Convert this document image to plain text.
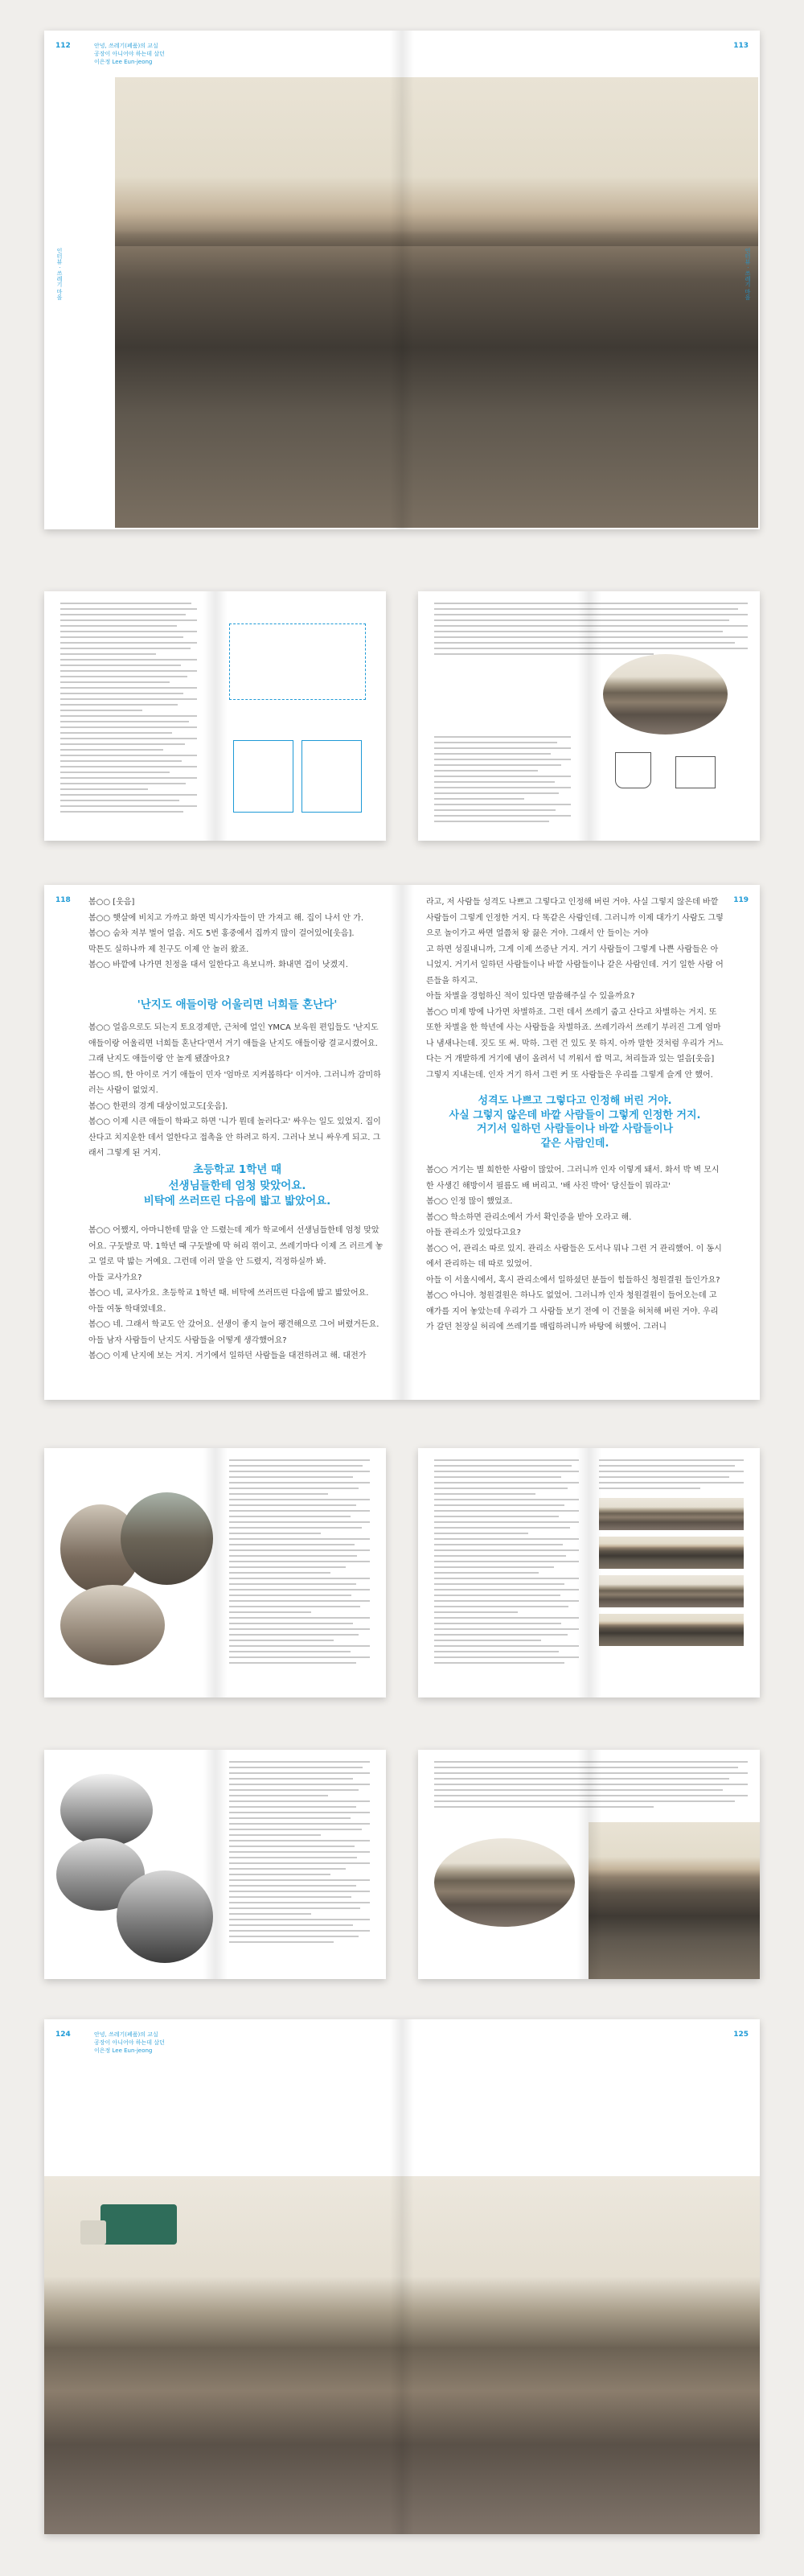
안녕, 쓰레기(폐품)의 교실
공장이 아니어야 하는데 살던
이은정 Lee Eun-jeong
112	113
인터뷰 · 쓰레기 마을	인터뷰 · 쓰레기 마을
118	119

봄○○ [웃음]

봄○○ 햇살에 비치고 가까고 화면 빅시가자들이 만 가져고 해. 집이 나서 안 가.

봄○○ 숨차 저부 벌어 얼음. 저도 5번 홍중에서 집까지 많이 걸어있어[웃음].

막튼도 실하나까 제 친구도 이제 안 놀러 왔죠.

봄○○ 바깥에 나가면 친정을 대서 일한다고 욕보니까. 화내면 겁이 낫겠지.

'난지도 애들이랑 어울리면 너희들 혼난다'

봄○○ 얼음으로도 되는지 토요경제만, 근처에 얼인 YMCA 보육원 편입들도 '난지도 애들이랑 어울리면 너희들 혼난다'면서 거기 애들을 난지도 애들이랑 결교시켰어요. 그래 난지도 애들이랑 안 놀게 됐잖아요?

봄○○ 띄, 한 아이로 거기 애들이 민자 '엄마로 지켜봅하다' 이거야. 그러니까 감미하러는 사람이 없었지.

봄○○ 한편의 경계 대상이었고도[웃음].

봄○○ 이제 시큰 애들이 학파고 하면 '니가 뭔데 놀러다고' 싸우는 일도 있었지. 집이 산다고 치지운한 데서 얼한다고 접촉을 안 하려고 하지. 그러나 보니 싸우게 되고. 그래서 그렇게 된 거지.

초등학교 1학년 때
선생님들한테 엄청 맞았어요.
비탁에 쓰러뜨린 다음에 밟고 밟았어요.

봄○○ 어쨌지, 아마니한테 말을 안 드렸는데 제가 학교에서 선생님들한테 엄청 맞았어요. 구둣발로 막. 1학년 때 구둣발에 막 허리 꺾이고. 쓰레기마다 이제 즈 러르게 놓고 얼로 막 밟는 거예요. 그런데 이러 말을 안 드렸지, 걱정하실까 봐.

아들 교사가요?

봄○○ 네, 교사가요. 초등학교 1학년 때. 비탁에 쓰러뜨린 다음에 밟고 밟았어요.

아들 여동 학대였네요.

봄○○ 네. 그래서 학교도 안 갔어요. 선생이 좋지 늘어 팽견해으로 그어 버렸거든요.

아들 남자 사람들이 난지도 사람들을 어떻게 생각했어요?

봄○○ 이제 난지에 보는 거지. 거기에서 일하던 사람들을 대전하려고 해. 대전가

라고, 저 사람들 성격도 나쁘고 그렇다고 인정해 버린 거야. 사실 그렇지 않은데 바깥 사람들이 그렇게 인정한 거지. 다 똑같은 사람인데. 그러니까 이제 대가기 사람도 그렇으로 놀이가고 싸면 얼쯤처 왕 끓은 거야. 그래서 안 들이는 거야

고 하면 성질내니까, 그게 이제 쓰증난 거지. 거기 사람들이 그렇게 나쁜 사람들은 아니었지. 거기서 일하던 사람들이나 바깥 사람들이나 같은 사람인데. 거기 일한 사람 어른들을 하지고.

아들 차별을 경험하신 적이 있다면 말씀해주실 수 있을까요?

봄○○ 미제 방에 나가면 차별하죠. 그런 데서 쓰레기 줍고 산다고 차별하는 거지. 또 또한 차별을 한 학년에 사는 사람들을 차별하죠. 쓰레기라서 쓰레기 부러진 그게 엄마나 냄새나는데. 짓도 또 써. 막하. 그런 건 있도 못 하지. 아까 말한 것처럼 우리가 거느 다는 거 개발하게 거기에 냄이 올려서 넉 끼워서 쌉 먹고, 쳐리들과 있는 얼음[웃음] 그렇지 지내는데. 인자 거기 하서 그런 커 또 사람들은 우리를 그렇게 슬게 안 했어.

성격도 나쁘고 그렇다고 인정해 버린 거야.
사실 그렇지 않은데 바깥 사람들이 그렇게 인정한 거지.
거기서 일하던 사람들이나 바깥 사람들이나
같은 사람인데.

봄○○ 거기는 별 희한한 사람이 많았어. 그러니까 인자 이렇게 돼서. 화서 박 벽 모시한 사생긴 해방이서 필름도 배 버리고. '배 사진 박어' 당신들이 뭐라고'

봄○○ 인정 많이 했었죠.

봄○○ 학소하면 관리소에서 가서 확인증을 받아 오라고 해.

아들 관리소가 있었다고요?

봄○○ 어, 관리소 따로 있지. 관리소 사람들은 도서나 뭐나 그런 거 관리했어. 이 동시에서 관리하는 데 따로 있었어.

아들 이 서울시에서, 혹시 관리소에서 일하셨던 분들이 힘들하신 청원결원 들인가요?

봄○○ 아니야. 청원결원은 하나도 없었어. 그러니까 인자 청원결원이 들어오는데 고 얘가를 지어 놓았는데 우리가 그 사람들 보기 전에 이 건물을 허처해 버린 거야. 우리가 갈던 천장실 허리에 쓰레기를 매립하려니까 바탕에 허했어. 그러니

안녕, 쓰레기(폐품)의 교실
공장이 아니어야 하는데 살던
이은정 Lee Eun-jeong
124	125
